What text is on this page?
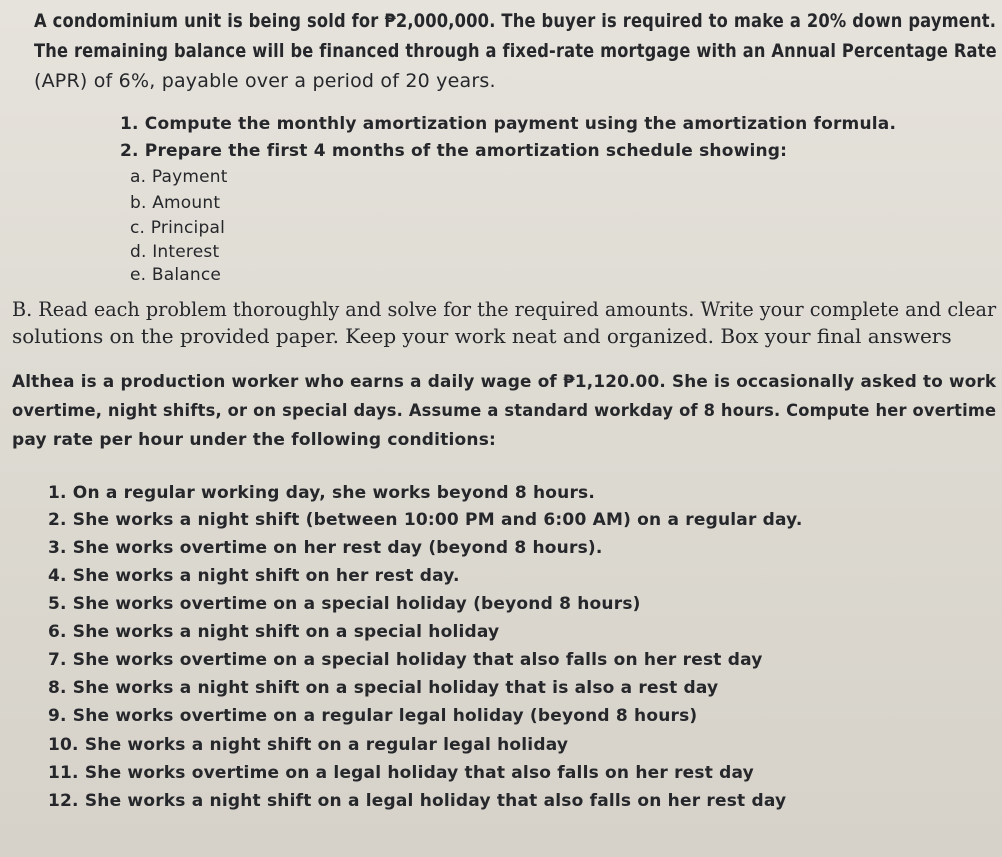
A condominium unit is being sold for ₱2,000,000. The buyer is required to make a 20% down payment.
The remaining balance will be financed through a fixed-rate mortgage with an Annual Percentage Rate
(APR) of 6%, payable over a period of 20 years.
1. Compute the monthly amortization payment using the amortization formula.
2. Prepare the first 4 months of the amortization schedule showing:
a. Payment
b. Amount
c. Principal
d. Interest
e. Balance
B. Read each problem thoroughly and solve for the required amounts. Write your complete and clear
solutions on the provided paper. Keep your work neat and organized. Box your final answers
Althea is a production worker who earns a daily wage of ₱1,120.00. She is occasionally asked to work
overtime, night shifts, or on special days. Assume a standard workday of 8 hours. Compute her overtime
pay rate per hour under the following conditions:
1. On a regular working day, she works beyond 8 hours.
2. She works a night shift (between 10:00 PM and 6:00 AM) on a regular day.
3. She works overtime on her rest day (beyond 8 hours).
4. She works a night shift on her rest day.
5. She works overtime on a special holiday (beyond 8 hours)
6. She works a night shift on a special holiday
7. She works overtime on a special holiday that also falls on her rest day
8. She works a night shift on a special holiday that is also a rest day
9. She works overtime on a regular legal holiday (beyond 8 hours)
10. She works a night shift on a regular legal holiday
11. She works overtime on a legal holiday that also falls on her rest day
12. She works a night shift on a legal holiday that also falls on her rest day
